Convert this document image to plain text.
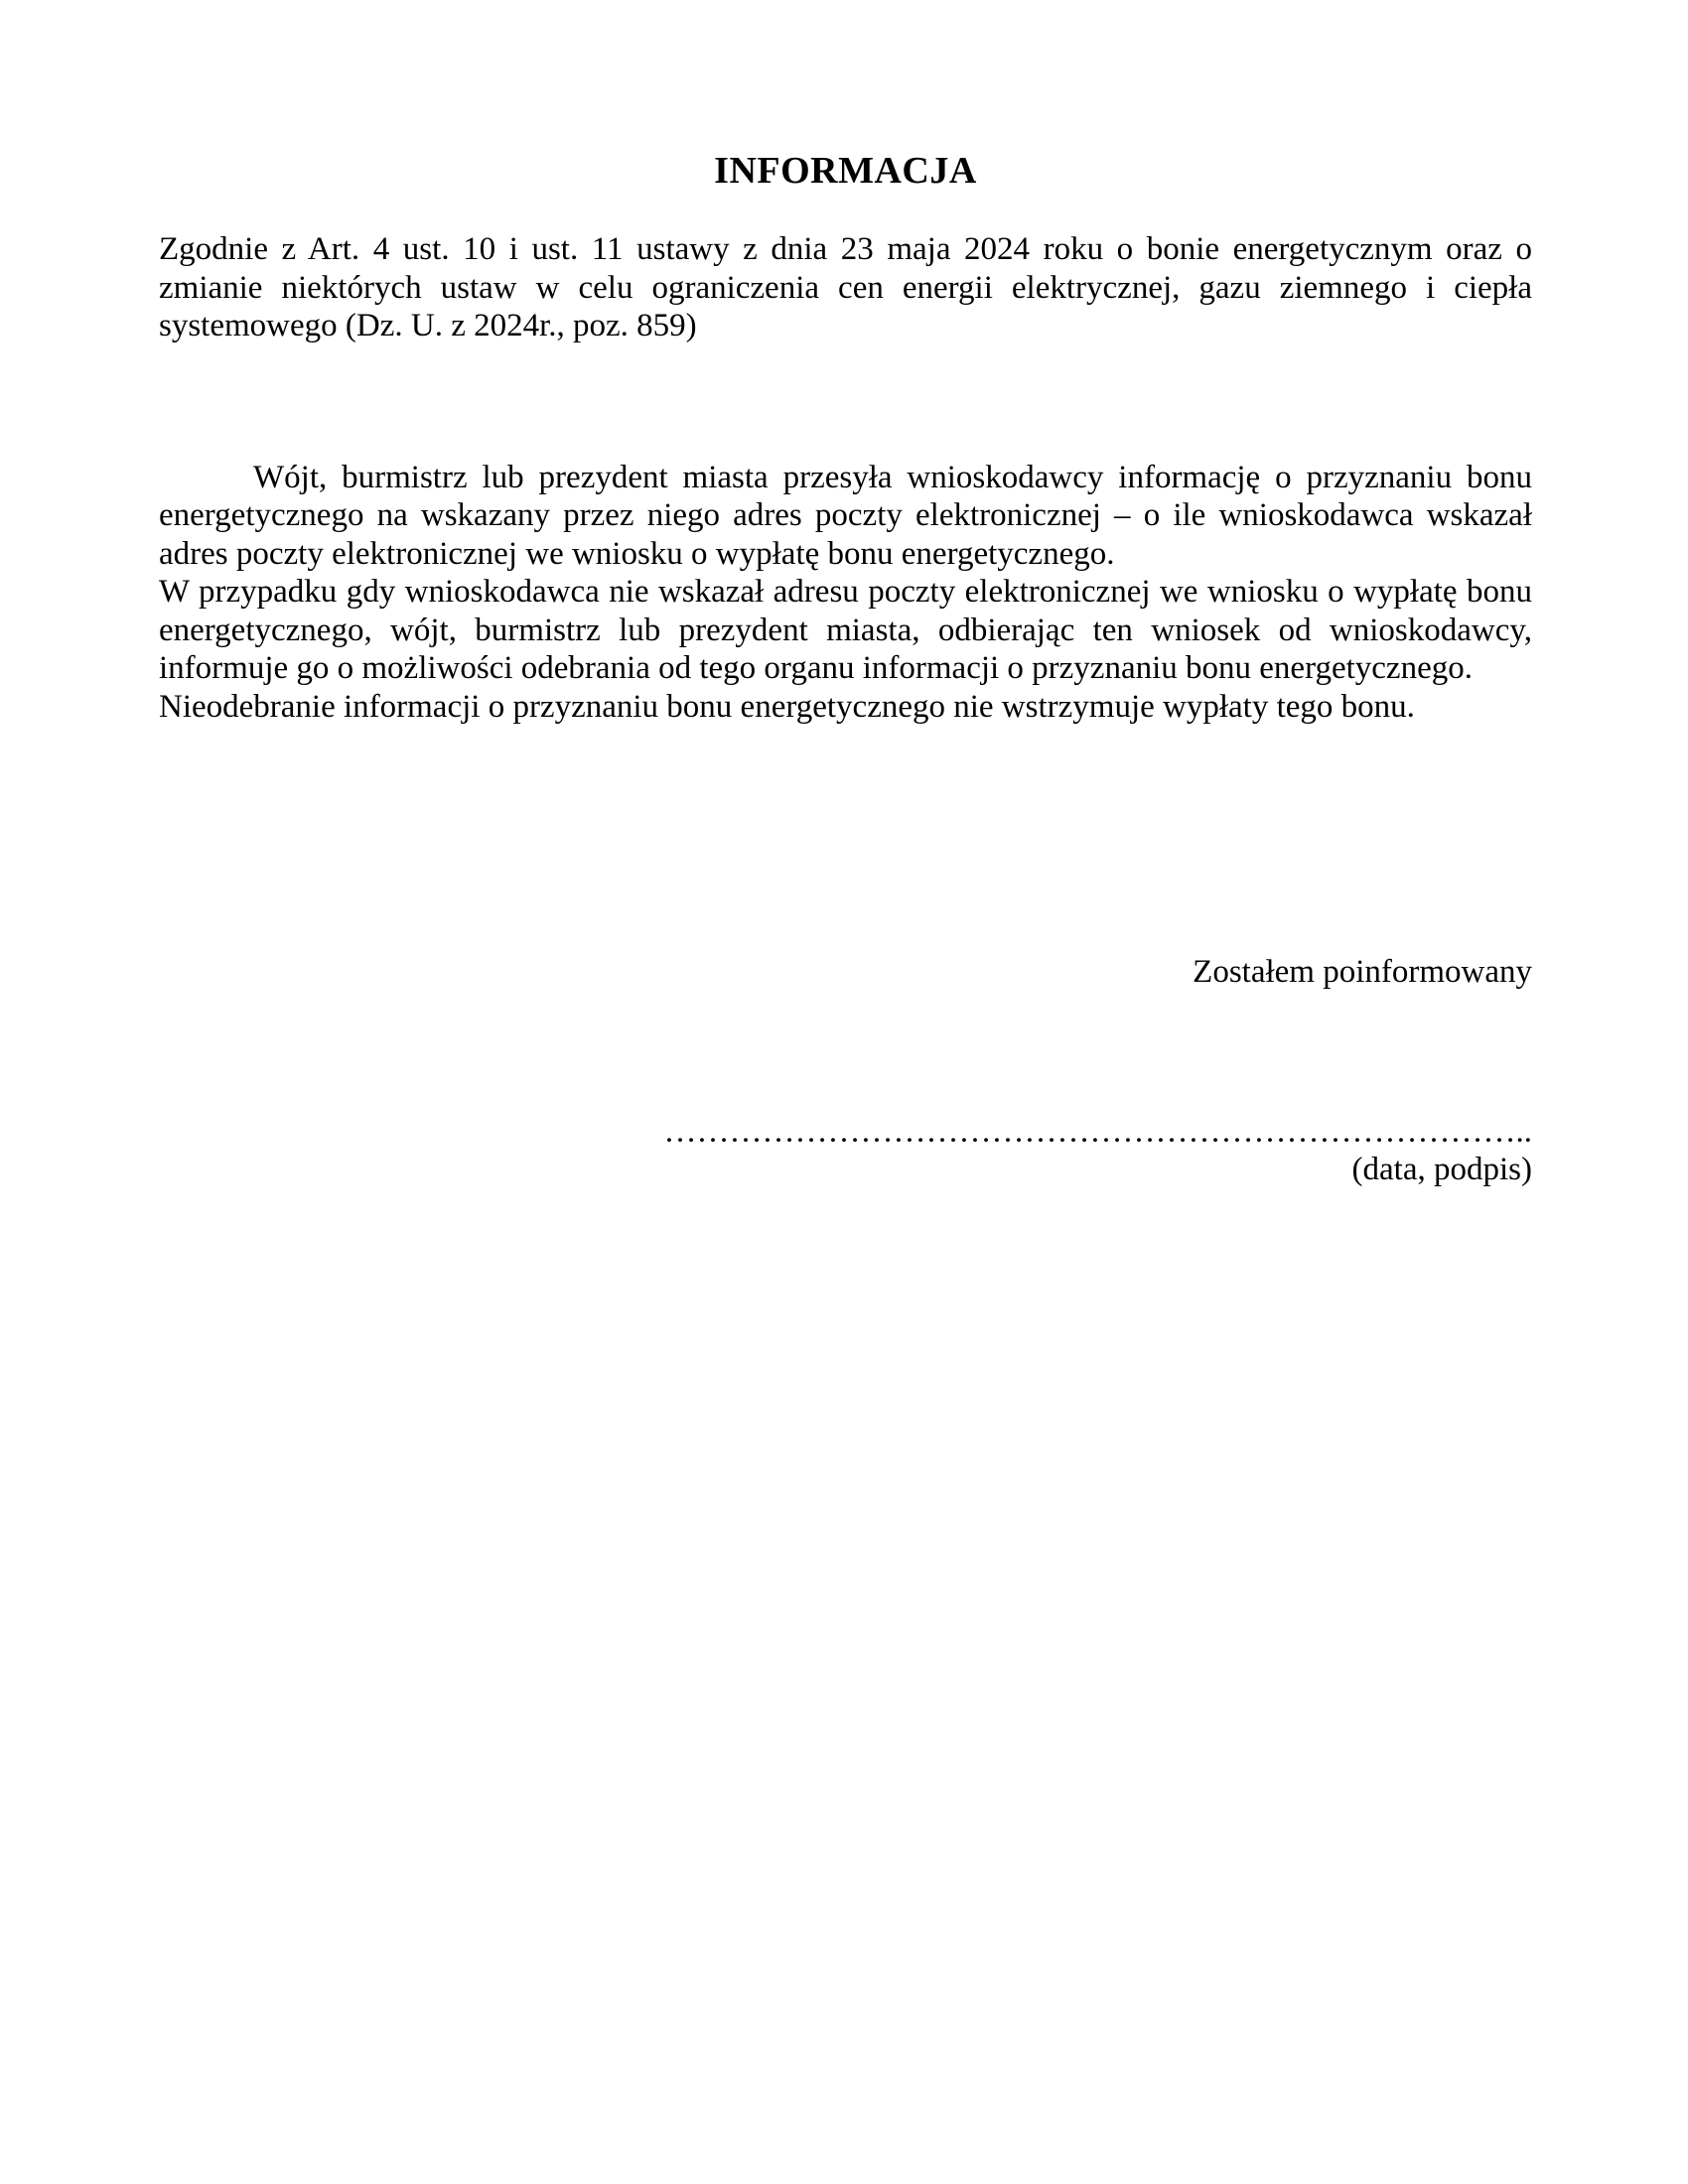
INFORMACJA

Zgodnie z Art. 4 ust. 10 i ust. 11 ustawy z dnia 23 maja 2024 roku o bonie energetycznym oraz o zmianie niektórych ustaw w celu ograniczenia cen energii elektrycznej, gazu ziemnego i ciepła systemowego (Dz. U. z 2024r., poz. 859)

Wójt, burmistrz lub prezydent miasta przesyła wnioskodawcy informację o przyznaniu bonu energetycznego na wskazany przez niego adres poczty elektronicznej – o ile wnioskodawca wskazał adres poczty elektronicznej we wniosku o wypłatę bonu energetycznego.

W przypadku gdy wnioskodawca nie wskazał adresu poczty elektronicznej we wniosku o wypłatę bonu energetycznego, wójt, burmistrz lub prezydent miasta, odbierając ten wniosek od wnioskodawcy, informuje go o możliwości odebrania od tego organu informacji o przyznaniu bonu energetycznego.

Nieodebranie informacji o przyznaniu bonu energetycznego nie wstrzymuje wypłaty tego bonu.

Zostałem poinformowany

……………………………………………………………………..

(data, podpis)
